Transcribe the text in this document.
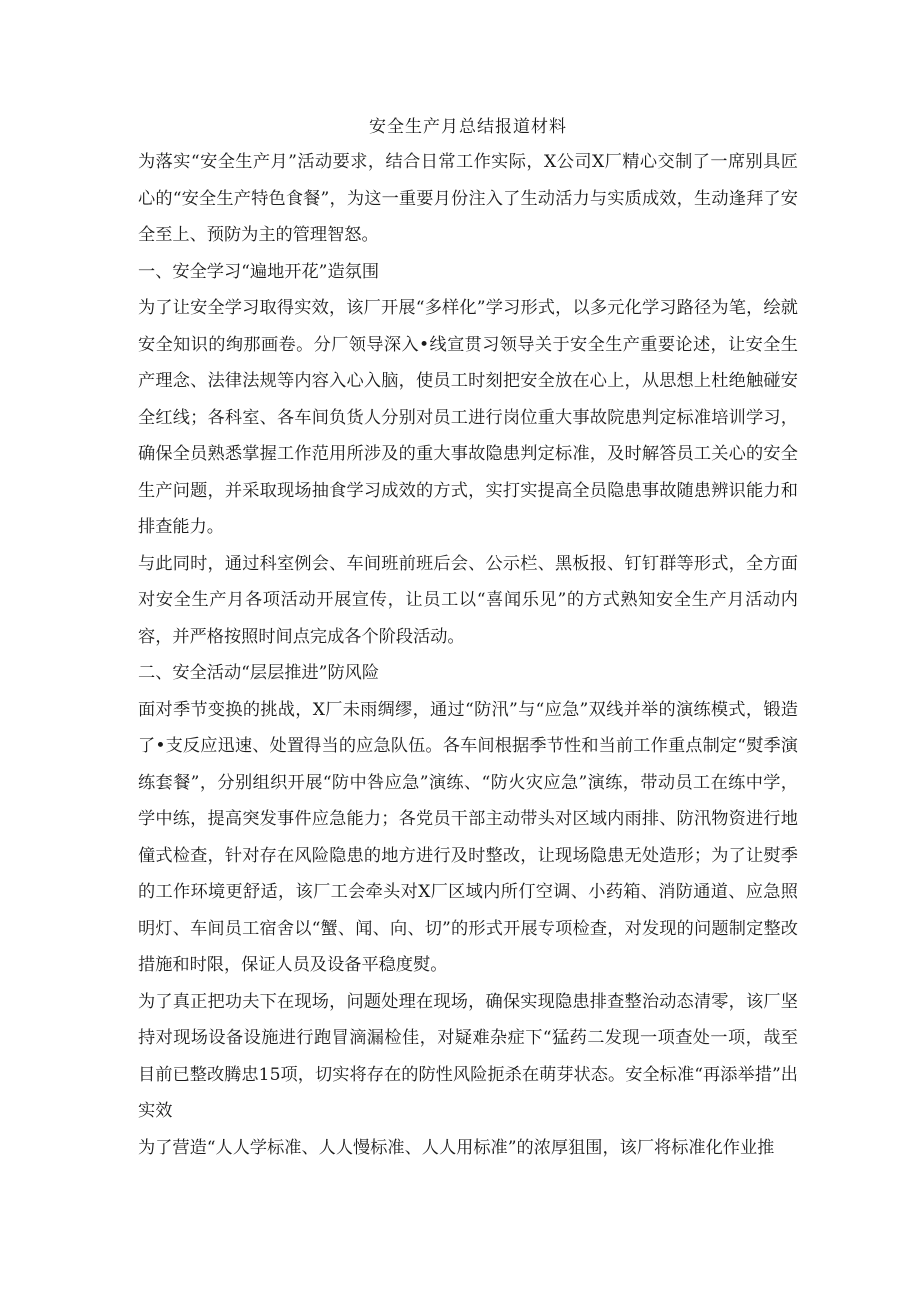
安全生产月总结报道材料

为落实“安全生产月”活动要求，结合日常工作实际，X公司X厂精心交制了一席别具匠心的“安全生产特色食餐”，为这一重要月份注入了生动活力与实质成效，生动逢拜了安全至上、预防为主的管理智怒。

一、安全学习“遍地开花”造氛围

为了让安全学习取得实效，该厂开展“多样化”学习形式，以多元化学习路径为笔，绘就安全知识的绚那画卷。分厂领导深入•线宣贯习领导关于安全生产重要论述，让安全生产理念、法律法规等内容入心入脑，使员工时刻把安全放在心上，从思想上杜绝触碰安全红线；各科室、各车间负货人分别对员工进行岗位重大事故院患判定标准培训学习，确保全员熟悉掌握工作范用所涉及的重大事故隐患判定标准，及时解答员工关心的安全生产问题，并采取现场抽食学习成效的方式，实打实提高全员隐患事故随患辨识能力和排查能力。

与此同时，通过科室例会、车间班前班后会、公示栏、黑板报、钉钉群等形式，全方面对安全生产月各项活动开展宣传，让员工以“喜闻乐见”的方式熟知安全生产月活动内容，并严格按照时间点完成各个阶段活动。

二、安全活动“层层推进”防风险

面对季节变换的挑战，X厂未雨绸缪，通过“防汛”与“应急”双线并举的演练模式，锻造了•支反应迅速、处置得当的应急队伍。各车间根据季节性和当前工作重点制定“熨季演练套餐”，分别组织开展“防中咎应急”演练、“防火灾应急”演练，带动员工在练中学，学中练，提高突发事件应急能力；各党员干部主动带头对区域内雨排、防汛物资进行地僮式检查，针对存在风险隐患的地方进行及时整改，让现场隐患无处造形；为了让熨季的工作环境更舒适，该厂工会牵头对X厂区域内所仃空调、小药箱、消防通道、应急照明灯、车间员工宿舍以“蟹、闻、向、切”的形式开展专项检查，对发现的问题制定整改措施和时限，保证人员及设备平稳度熨。

为了真正把功夫下在现场，问题处理在现场，确保实现隐患排查整治动态清零，该厂坚持对现场设备设施进行跑冒滴漏检佳，对疑难杂症下“猛药二发现一项查处一项，哉至目前已整改腾忠15项，切实将存在的防性风险扼杀在萌芽状态。安全标准“再添举措”出实效

为了营造“人人学标准、人人慢标准、人人用标准”的浓厚狙围，该厂将标准化作业推
